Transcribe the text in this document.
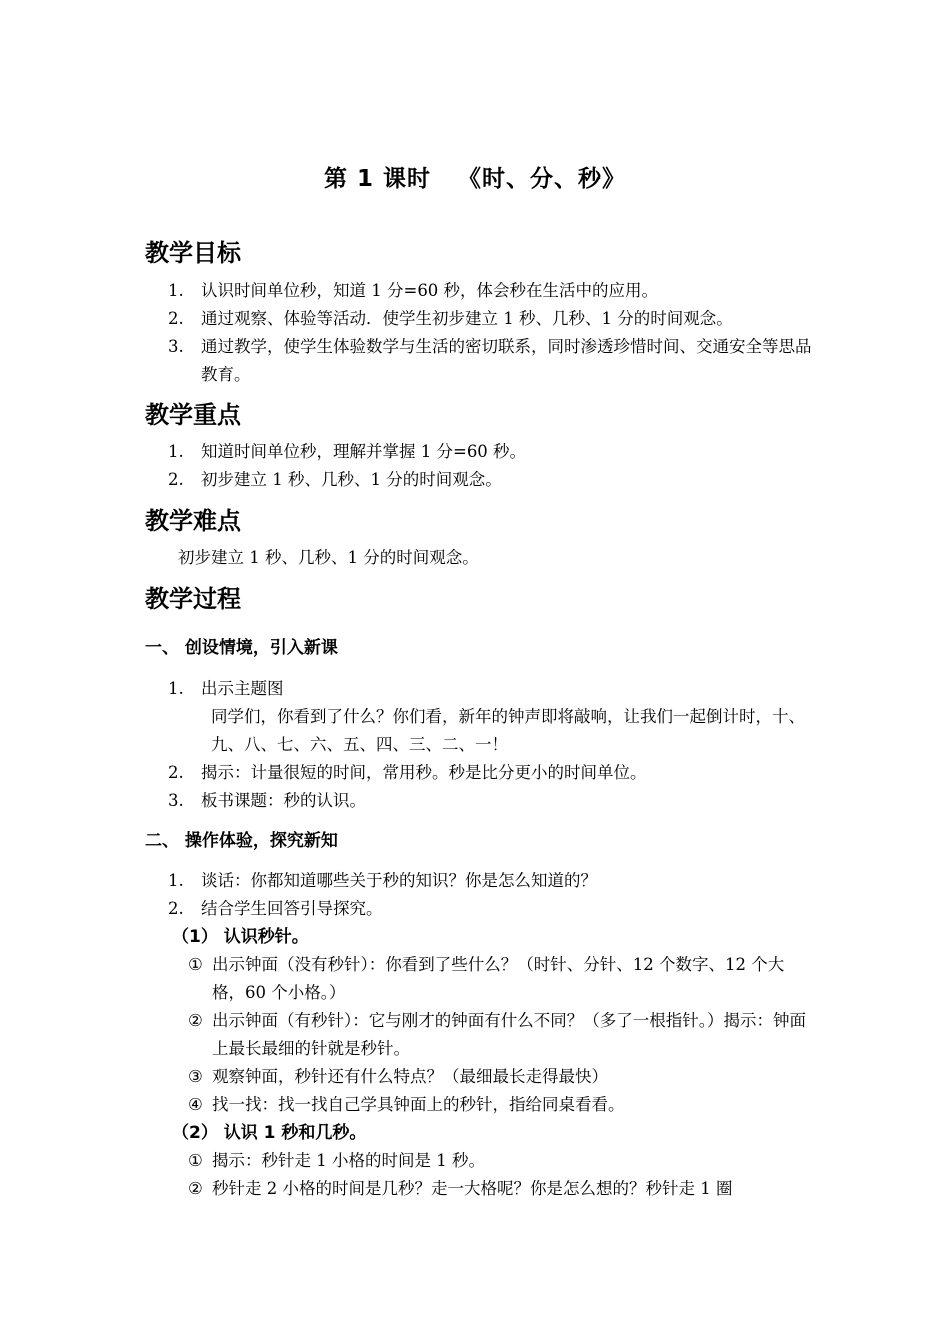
第 1 课时   《时、分、秒》
教学目标
1. 认识时间单位秒，知道 1 分=60 秒，体会秒在生活中的应用。
2. 通过观察、体验等活动．使学生初步建立 1 秒、几秒、1 分的时间观念。
3. 通过教学，使学生体验数学与生活的密切联系，同时渗透珍惜时间、交通安全等思品教育。
教学重点
1. 知道时间单位秒，理解并掌握 1 分=60 秒。
2. 初步建立 1 秒、几秒、1 分的时间观念。
教学难点
初步建立 1 秒、几秒、1 分的时间观念。
教学过程
一、 创设情境，引入新课
1. 出示主题图
同学们，你看到了什么？你们看，新年的钟声即将敲响，让我们一起倒计时，十、九、八、七、六、五、四、三、二、一！
2. 揭示：计量很短的时间，常用秒。秒是比分更小的时间单位。
3. 板书课题：秒的认识。
二、 操作体验，探究新知
1. 谈话：你都知道哪些关于秒的知识？你是怎么知道的？
2. 结合学生回答引导探究。
（1） 认识秒针。
① 出示钟面（没有秒针）：你看到了些什么？（时针、分针、12 个数字、12 个大格，60 个小格。）
② 出示钟面（有秒针）：它与刚才的钟面有什么不同？（多了一根指针。）揭示：钟面上最长最细的针就是秒针。
③ 观察钟面，秒针还有什么特点？（最细最长走得最快）
④ 找一找：找一找自己学具钟面上的秒针，指给同桌看看。
（2） 认识 1 秒和几秒。
① 揭示：秒针走 1 小格的时间是 1 秒。
② 秒针走 2 小格的时间是几秒？走一大格呢？你是怎么想的？秒针走 1 圈
